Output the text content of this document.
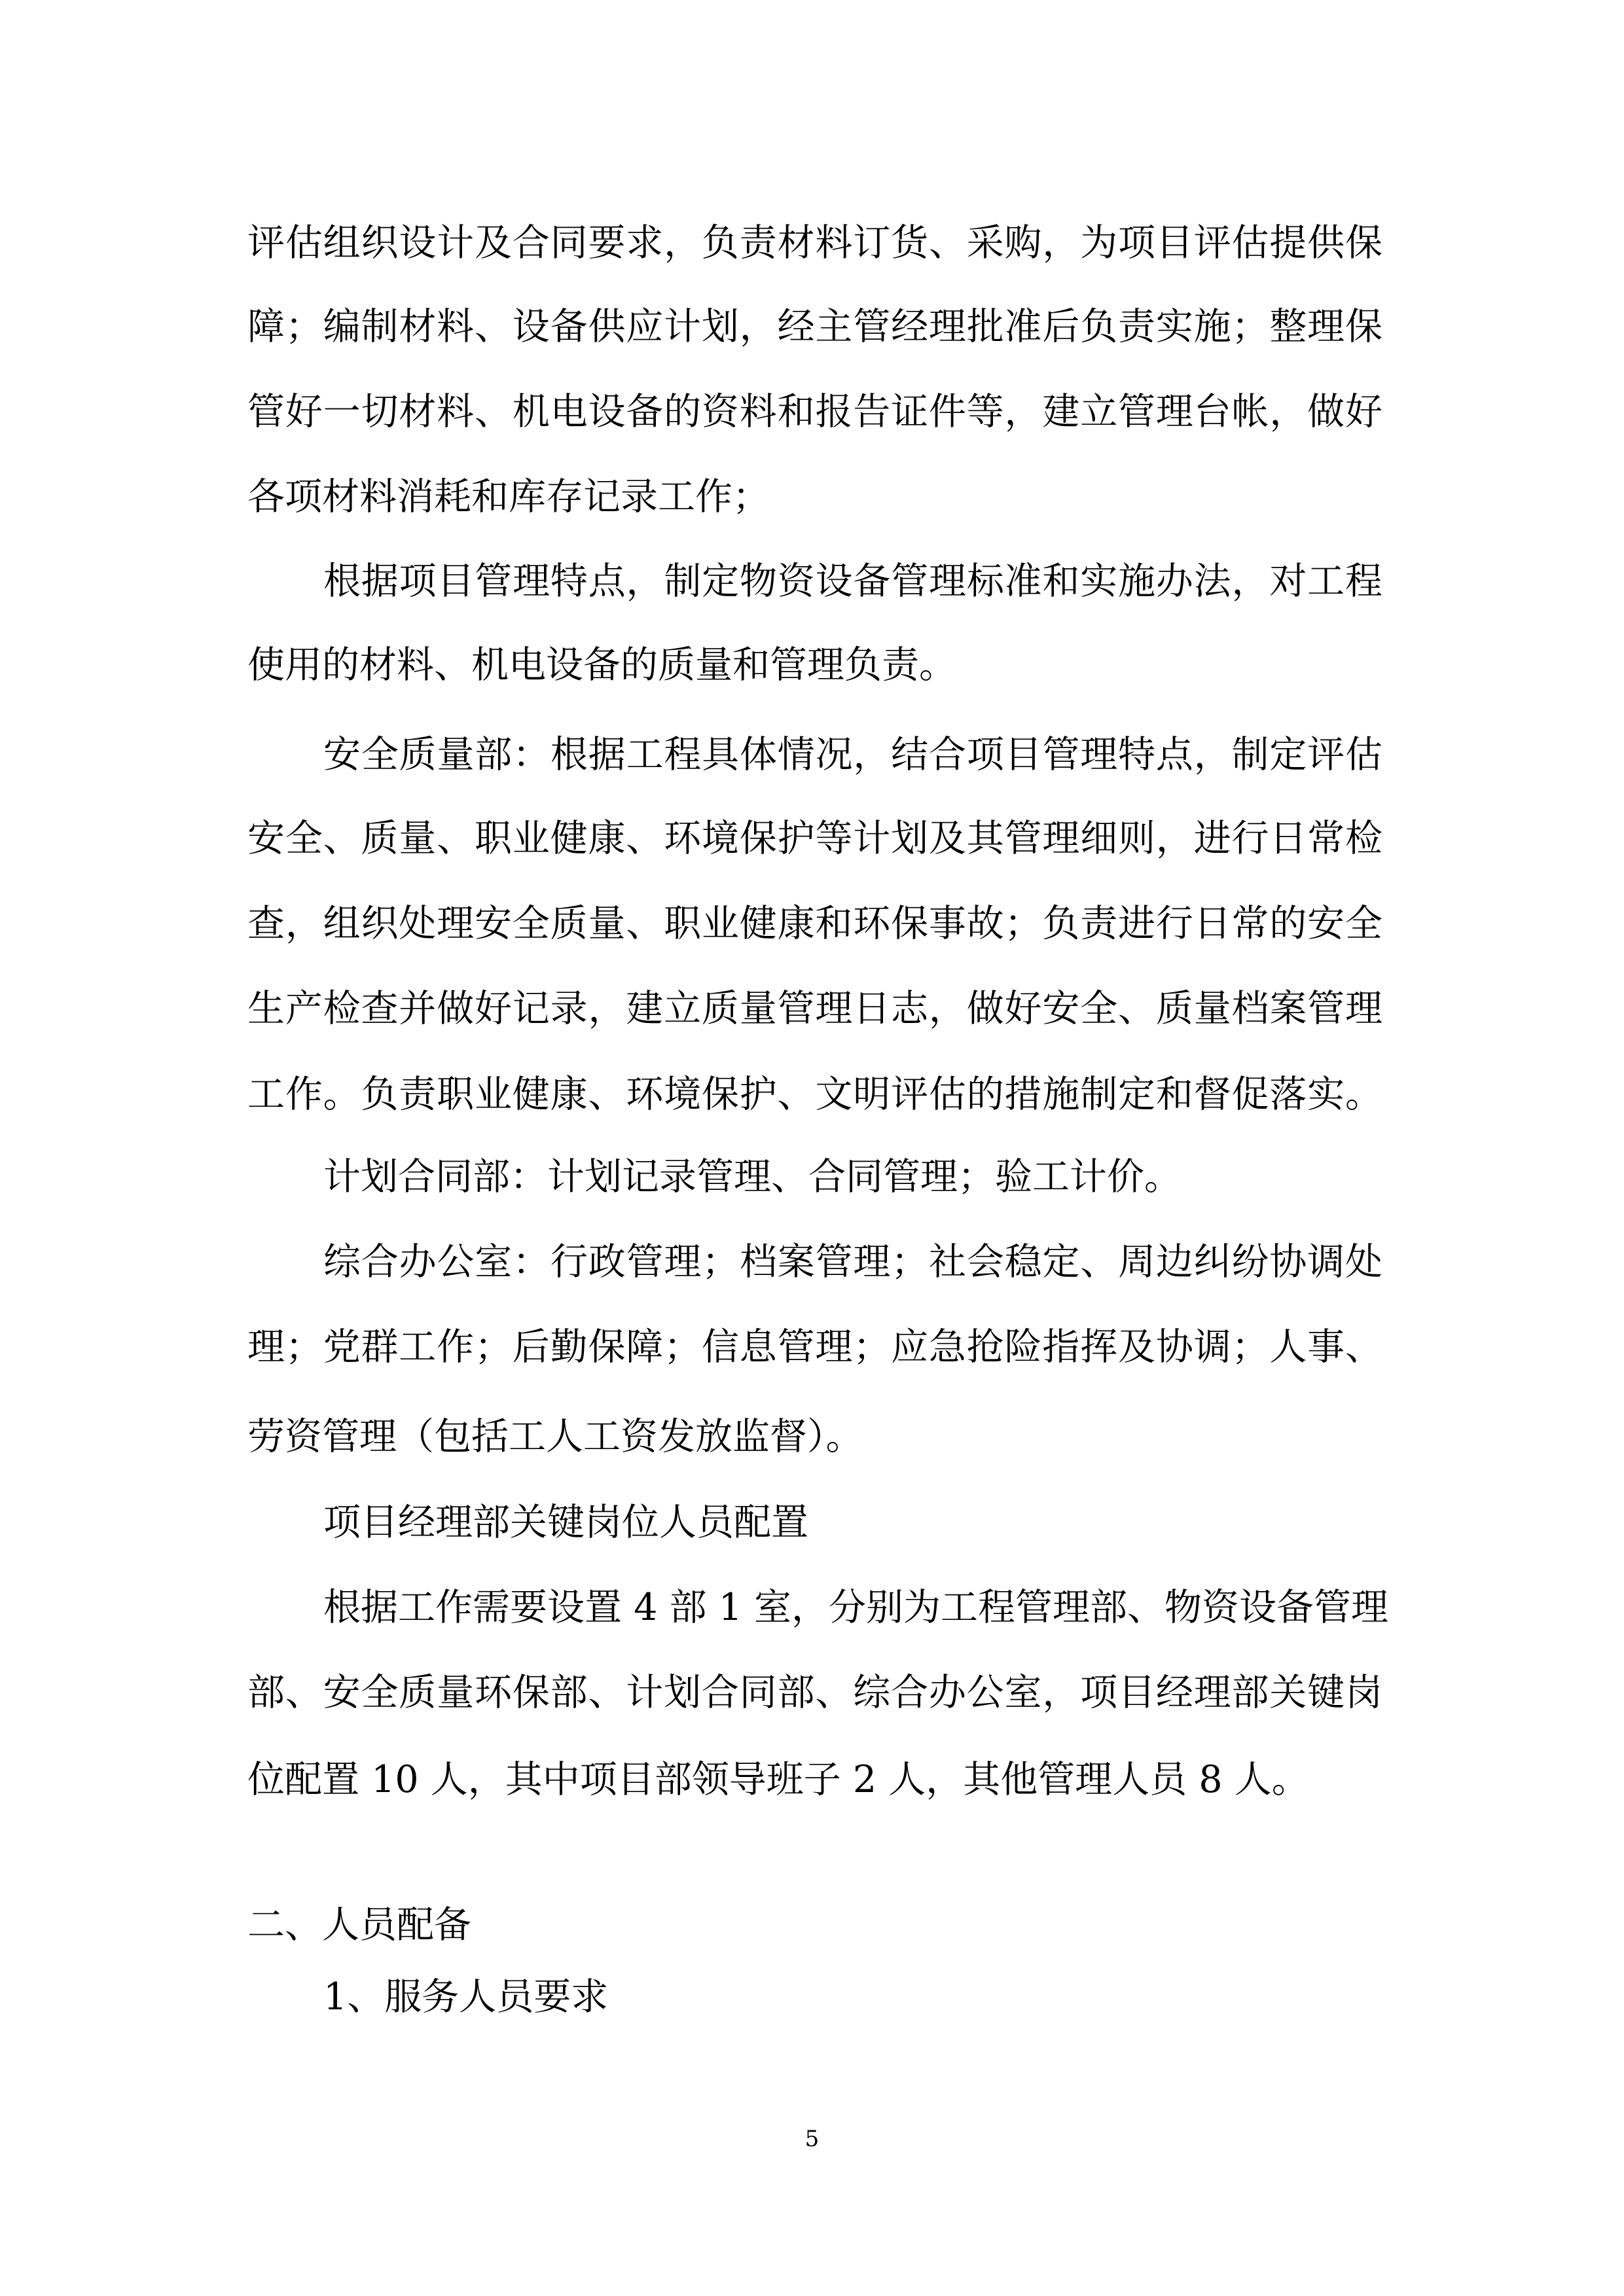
评估组织设计及合同要求，负责材料订货、采购，为项目评估提供保
障；编制材料、设备供应计划，经主管经理批准后负责实施；整理保
管好一切材料、机电设备的资料和报告证件等，建立管理台帐，做好
各项材料消耗和库存记录工作；
根据项目管理特点，制定物资设备管理标准和实施办法，对工程
使用的材料、机电设备的质量和管理负责。
安全质量部：根据工程具体情况，结合项目管理特点，制定评估
安全、质量、职业健康、环境保护等计划及其管理细则，进行日常检
查，组织处理安全质量、职业健康和环保事故；负责进行日常的安全
生产检查并做好记录，建立质量管理日志，做好安全、质量档案管理
工作。负责职业健康、环境保护、文明评估的措施制定和督促落实。
计划合同部：计划记录管理、合同管理；验工计价。
综合办公室：行政管理；档案管理；社会稳定、周边纠纷协调处
理；党群工作；后勤保障；信息管理；应急抢险指挥及协调；人事、
劳资管理（包括工人工资发放监督）。
项目经理部关键岗位人员配置
根据工作需要设置 4 部 1 室，分别为工程管理部、物资设备管理
部、安全质量环保部、计划合同部、综合办公室，项目经理部关键岗
位配置 10 人，其中项目部领导班子 2 人，其他管理人员 8 人。
二、人员配备
1、服务人员要求
5
